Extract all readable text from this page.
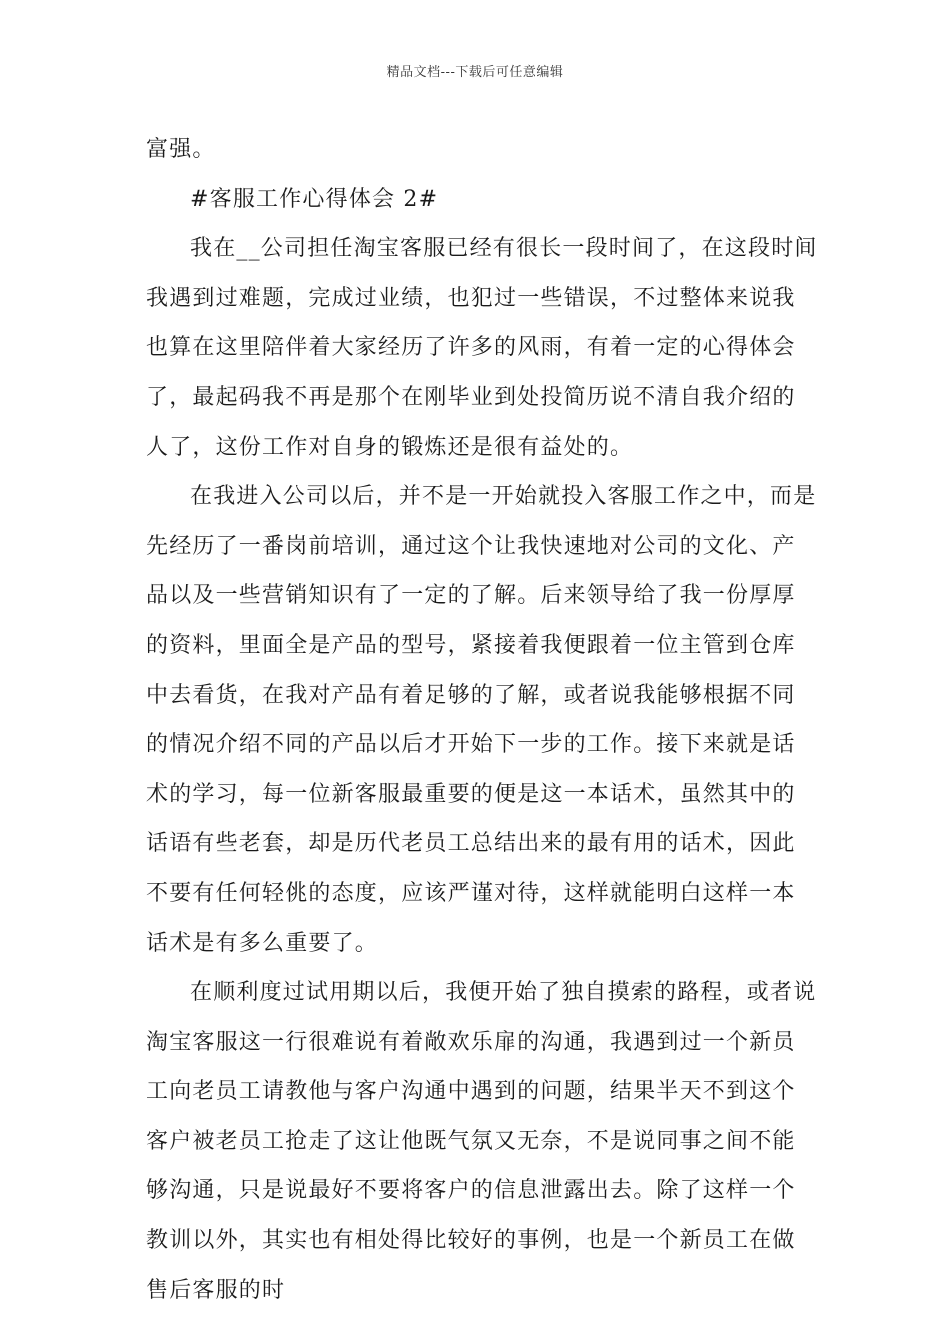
精品文档---下载后可任意编辑

富强。

#客服工作心得体会 2#

我在__公司担任淘宝客服已经有很长一段时间了，在这段时间我遇到过难题，完成过业绩，也犯过一些错误，不过整体来说我也算在这里陪伴着大家经历了许多的风雨，有着一定的心得体会了，最起码我不再是那个在刚毕业到处投简历说不清自我介绍的人了，这份工作对自身的锻炼还是很有益处的。

在我进入公司以后，并不是一开始就投入客服工作之中，而是先经历了一番岗前培训，通过这个让我快速地对公司的文化、产品以及一些营销知识有了一定的了解。后来领导给了我一份厚厚的资料，里面全是产品的型号，紧接着我便跟着一位主管到仓库中去看货，在我对产品有着足够的了解，或者说我能够根据不同的情况介绍不同的产品以后才开始下一步的工作。接下来就是话术的学习，每一位新客服最重要的便是这一本话术，虽然其中的话语有些老套，却是历代老员工总结出来的最有用的话术，因此不要有任何轻佻的态度，应该严谨对待，这样就能明白这样一本话术是有多么重要了。

在顺利度过试用期以后，我便开始了独自摸索的路程，或者说淘宝客服这一行很难说有着敞欢乐扉的沟通，我遇到过一个新员工向老员工请教他与客户沟通中遇到的问题，结果半天不到这个客户被老员工抢走了这让他既气氛又无奈，不是说同事之间不能够沟通，只是说最好不要将客户的信息泄露出去。除了这样一个教训以外，其实也有相处得比较好的事例，也是一个新员工在做售后客服的时
